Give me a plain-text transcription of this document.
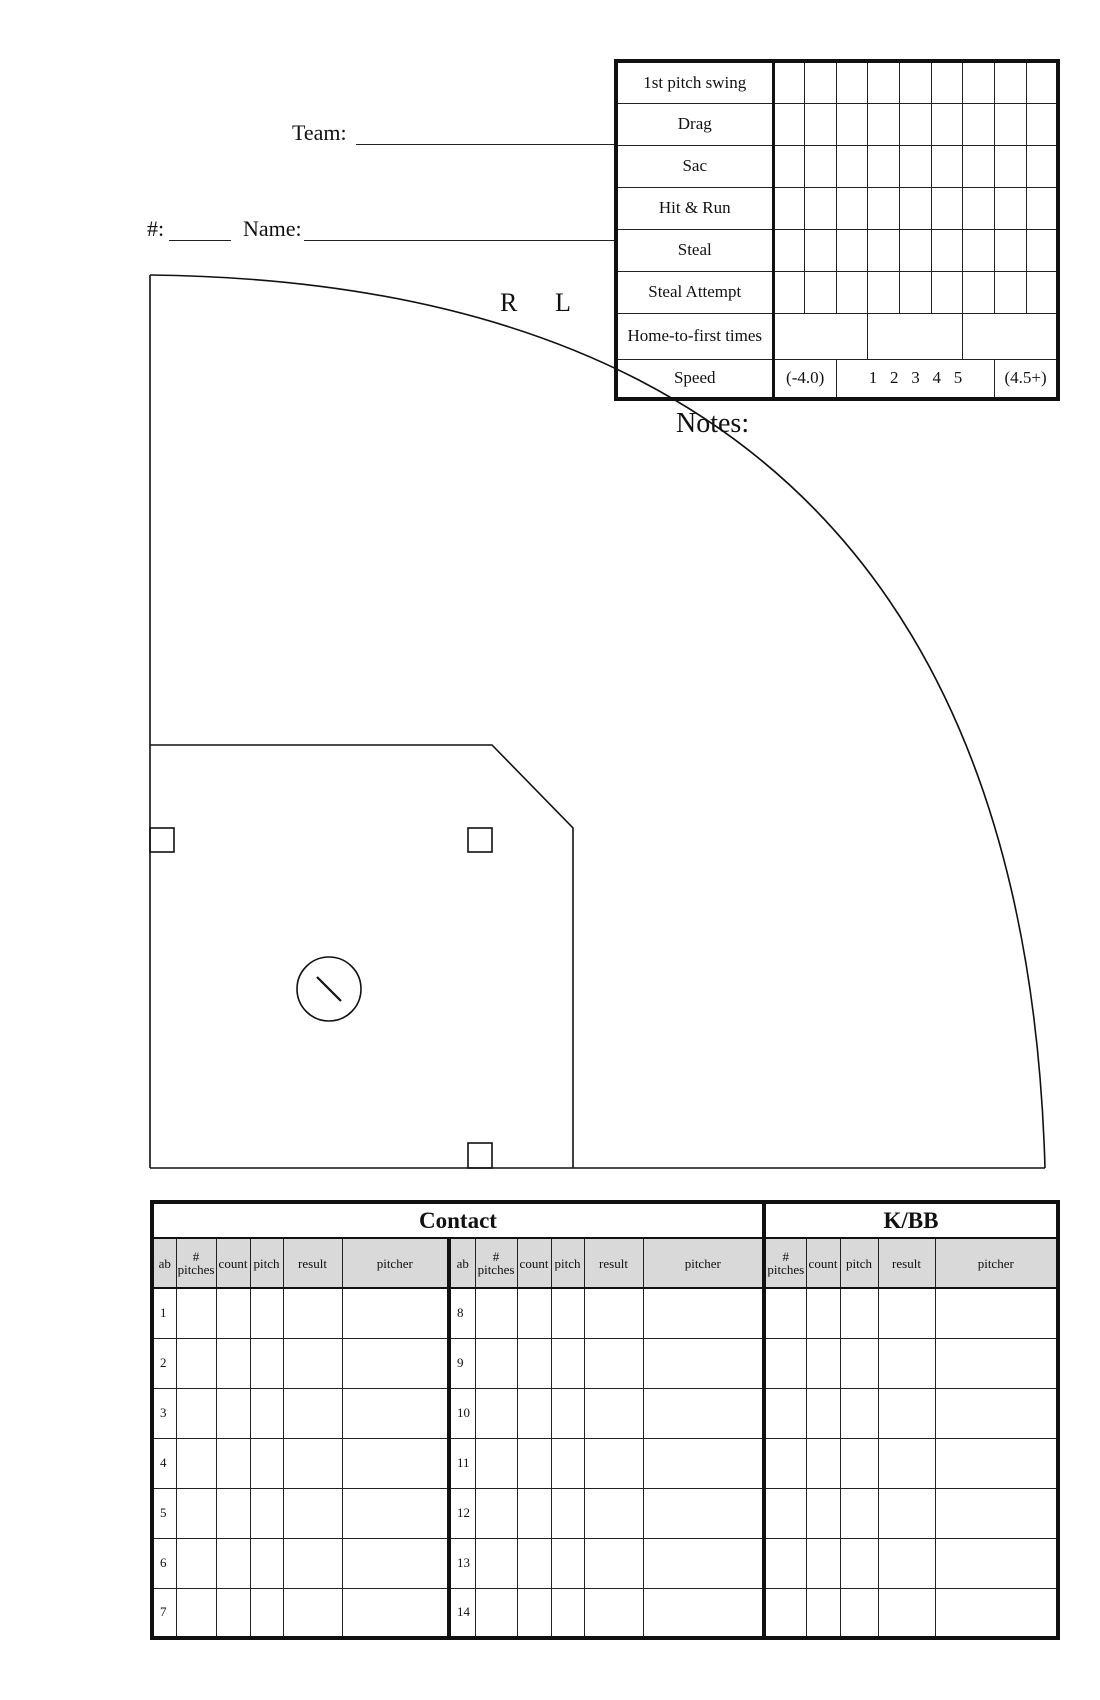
Team:
#:	Name:
R L
Notes:
1st pitch swing									
Drag									
Sac									
Hit & Run									
Steal									
Steal Attempt									
Home-to-first times									
Speed	(-4.0)		1   2   3   4   5					(4.5+)	
Contact												K/BB				
ab	# pitches	count	pitch	result	pitcher	ab	# pitches	count	pitch	result	pitcher	# pitches	count	pitch	result	pitcher
1						8										
2						9										
3						10										
4						11										
5						12										
6						13										
7						14										
